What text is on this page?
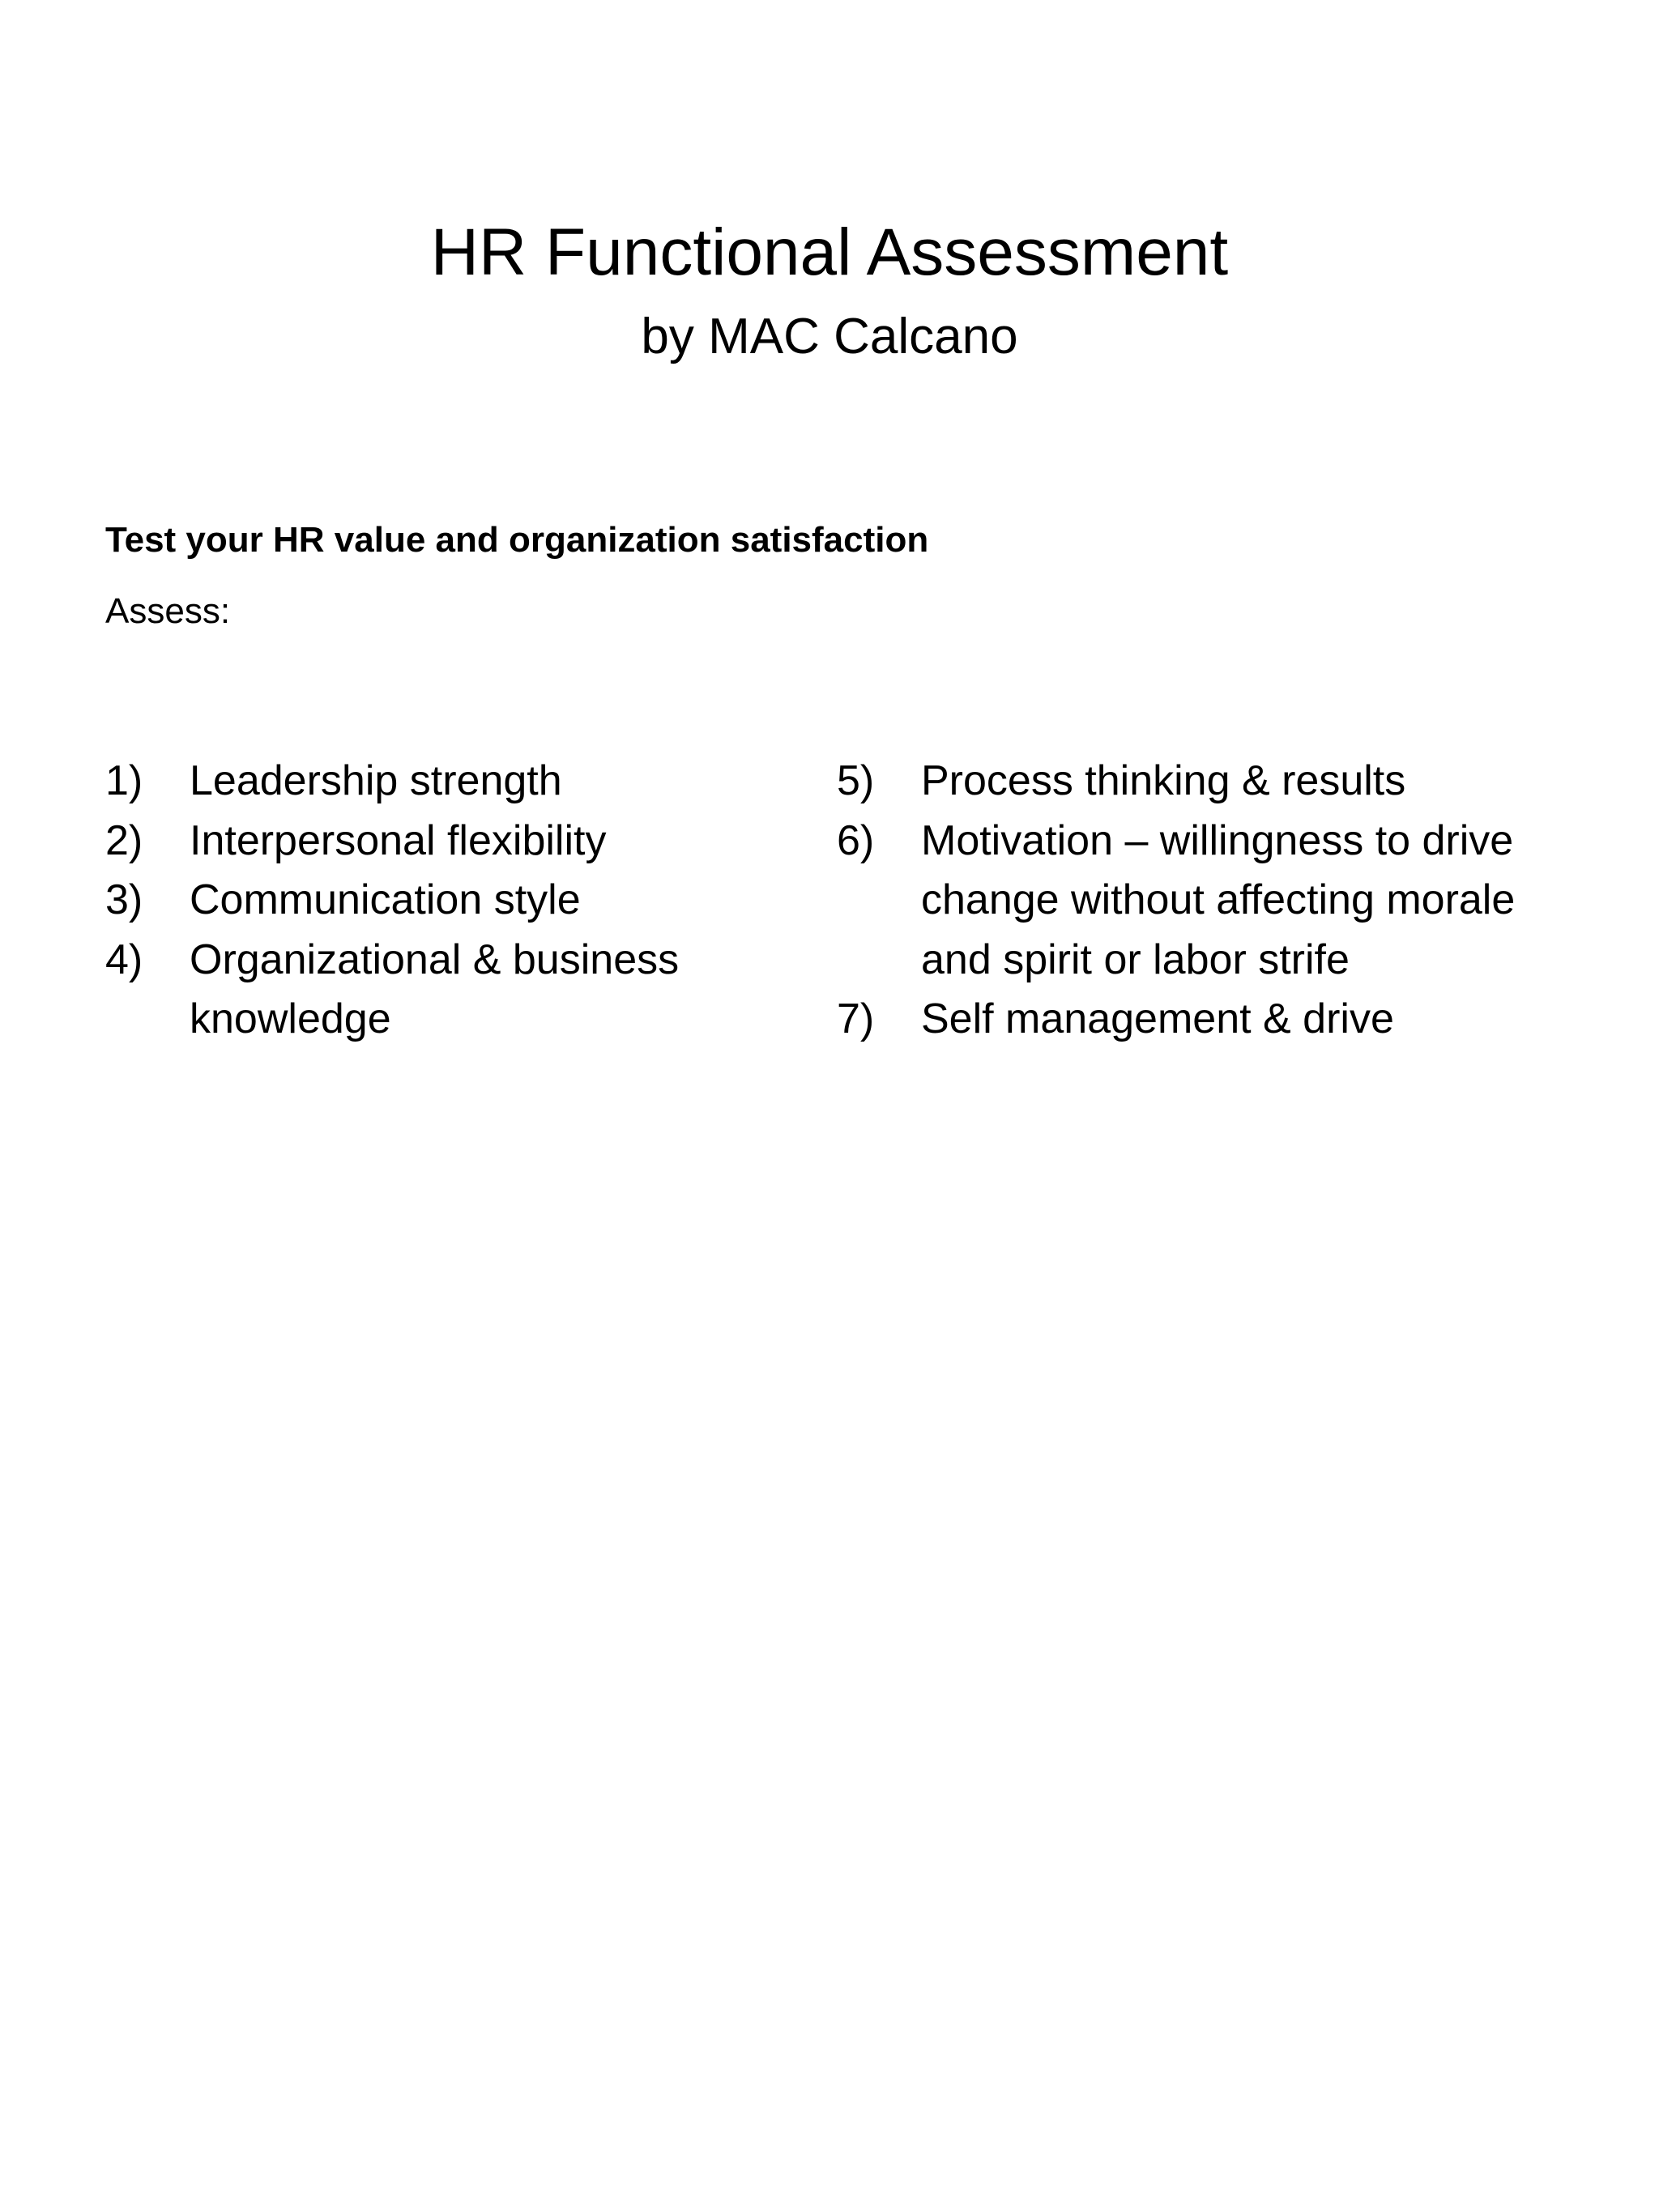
HR Functional Assessment

by MAC Calcano

Test your HR value and organization satisfaction

Assess:

1)	Leadership strength
2)	Interpersonal flexibility
3)	Communication style
4)	Organizational & business knowledge
5)	Process thinking & results
6)	Motivation – willingness to drive change without affecting morale and spirit or labor strife
7)	Self management & drive
